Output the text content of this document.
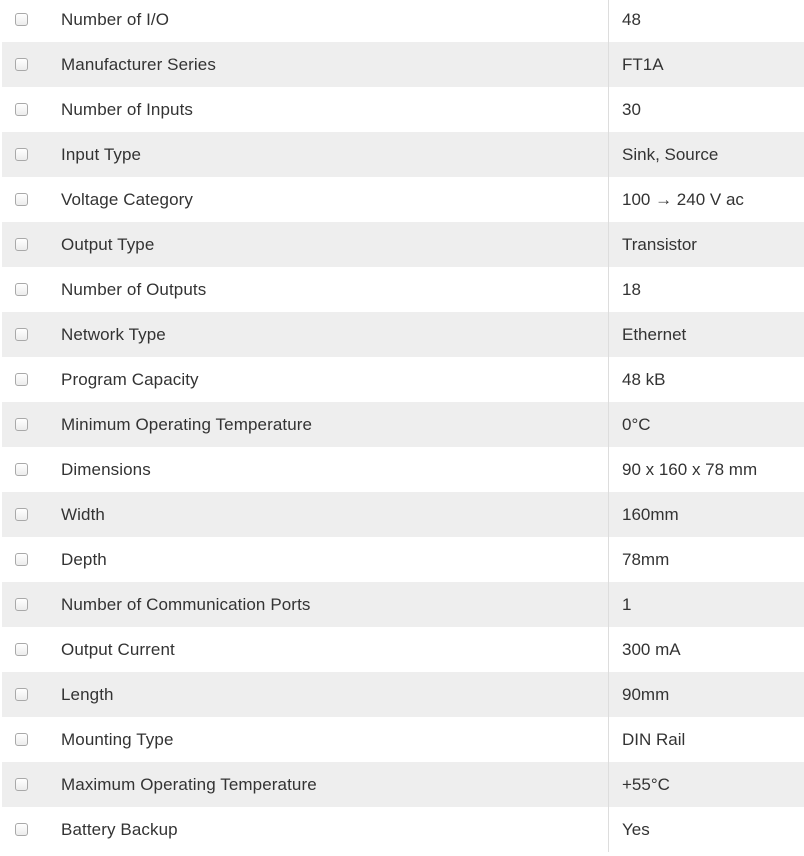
Number of I/O	48
Manufacturer Series	FT1A
Number of Inputs	30
Input Type	Sink, Source
Voltage Category	100 → 240 V ac
Output Type	Transistor
Number of Outputs	18
Network Type	Ethernet
Program Capacity	48 kB
Minimum Operating Temperature	0°C
Dimensions	90 x 160 x 78 mm
Width	160mm
Depth	78mm
Number of Communication Ports	1
Output Current	300 mA
Length	90mm
Mounting Type	DIN Rail
Maximum Operating Temperature	+55°C
Battery Backup	Yes
